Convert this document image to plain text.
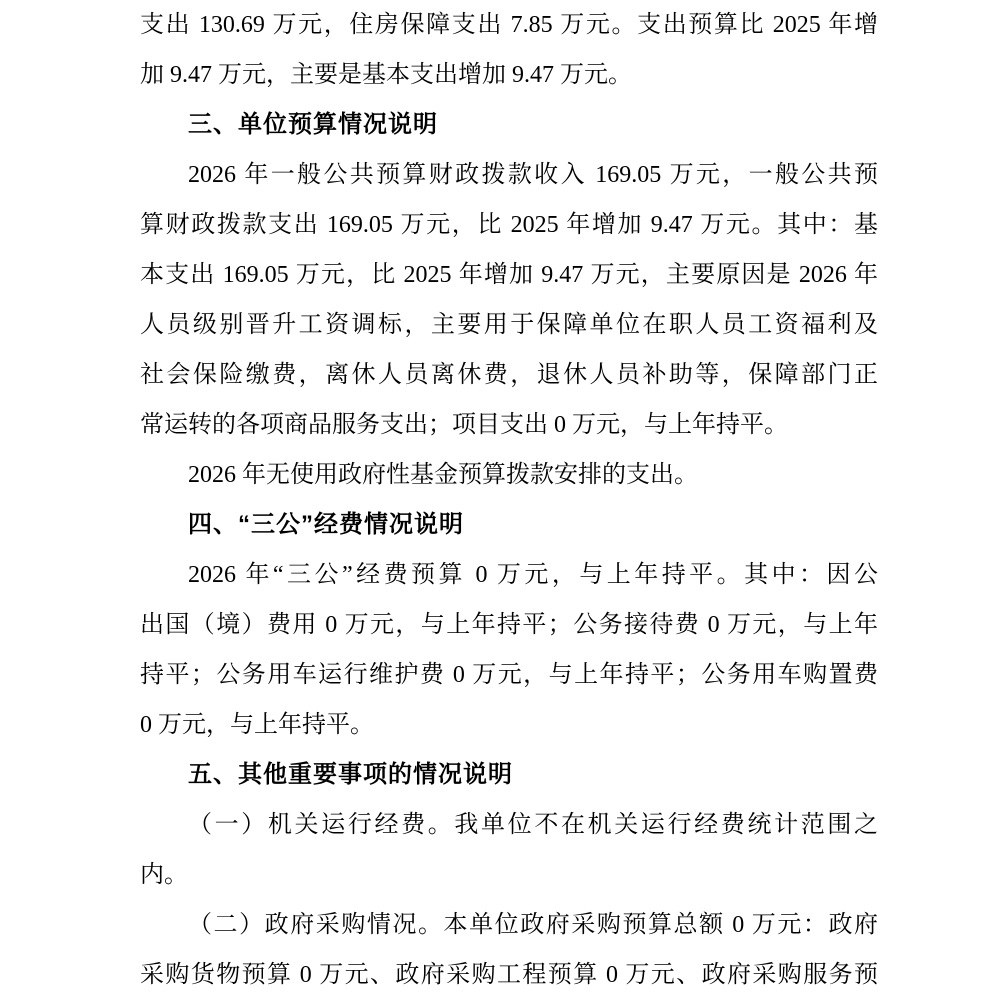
支出 130.69 万元，住房保障支出 7.85 万元。支出预算比 2025 年增
加 9.47 万元，主要是基本支出增加 9.47 万元。
三、单位预算情况说明
2026 年一般公共预算财政拨款收入 169.05 万元，一般公共预
算财政拨款支出 169.05 万元，比 2025 年增加 9.47 万元。其中：基
本支出 169.05 万元，比 2025 年增加 9.47 万元，主要原因是 2026 年
人员级别晋升工资调标，主要用于保障单位在职人员工资福利及
社会保险缴费，离休人员离休费，退休人员补助等，保障部门正
常运转的各项商品服务支出；项目支出 0 万元，与上年持平。
2026 年无使用政府性基金预算拨款安排的支出。
四、“三公”经费情况说明
2026 年“三公”经费预算 0 万元，与上年持平。其中：因公
出国（境）费用 0 万元，与上年持平；公务接待费 0 万元，与上年
持平；公务用车运行维护费 0 万元，与上年持平；公务用车购置费
0 万元，与上年持平。
五、其他重要事项的情况说明
（一）机关运行经费。我单位不在机关运行经费统计范围之
内。
（二）政府采购情况。本单位政府采购预算总额 0 万元：政府
采购货物预算 0 万元、政府采购工程预算 0 万元、政府采购服务预
